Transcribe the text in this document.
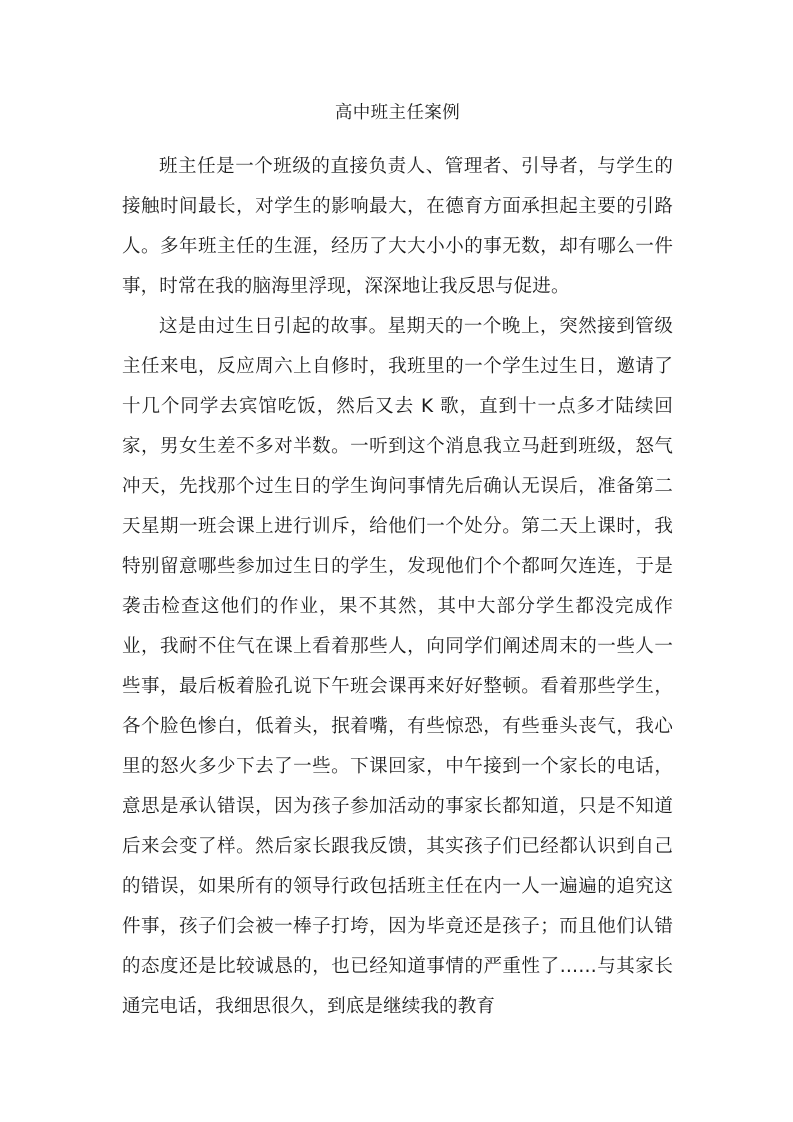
高中班主任案例

班主任是一个班级的直接负责人、管理者、引导者，与学生的接触时间最长，对学生的影响最大，在德育方面承担起主要的引路人。多年班主任的生涯，经历了大大小小的事无数，却有哪么一件事，时常在我的脑海里浮现，深深地让我反思与促进。

这是由过生日引起的故事。星期天的一个晚上，突然接到管级主任来电，反应周六上自修时，我班里的一个学生过生日，邀请了十几个同学去宾馆吃饭，然后又去 K 歌，直到十一点多才陆续回家，男女生差不多对半数。一听到这个消息我立马赶到班级，怒气冲天，先找那个过生日的学生询问事情先后确认无误后，准备第二天星期一班会课上进行训斥，给他们一个处分。第二天上课时，我特别留意哪些参加过生日的学生，发现他们个个都呵欠连连，于是袭击检查这他们的作业，果不其然，其中大部分学生都没完成作业，我耐不住气在课上看着那些人，向同学们阐述周末的一些人一些事，最后板着脸孔说下午班会课再来好好整顿。看着那些学生，各个脸色惨白，低着头，抿着嘴，有些惊恐，有些垂头丧气，我心里的怒火多少下去了一些。下课回家，中午接到一个家长的电话，意思是承认错误，因为孩子参加活动的事家长都知道，只是不知道后来会变了样。然后家长跟我反馈，其实孩子们已经都认识到自己的错误，如果所有的领导行政包括班主任在内一人一遍遍的追究这件事，孩子们会被一棒子打垮，因为毕竟还是孩子；而且他们认错的态度还是比较诚恳的，也已经知道事情的严重性了……与其家长通完电话，我细思很久，到底是继续我的教育
